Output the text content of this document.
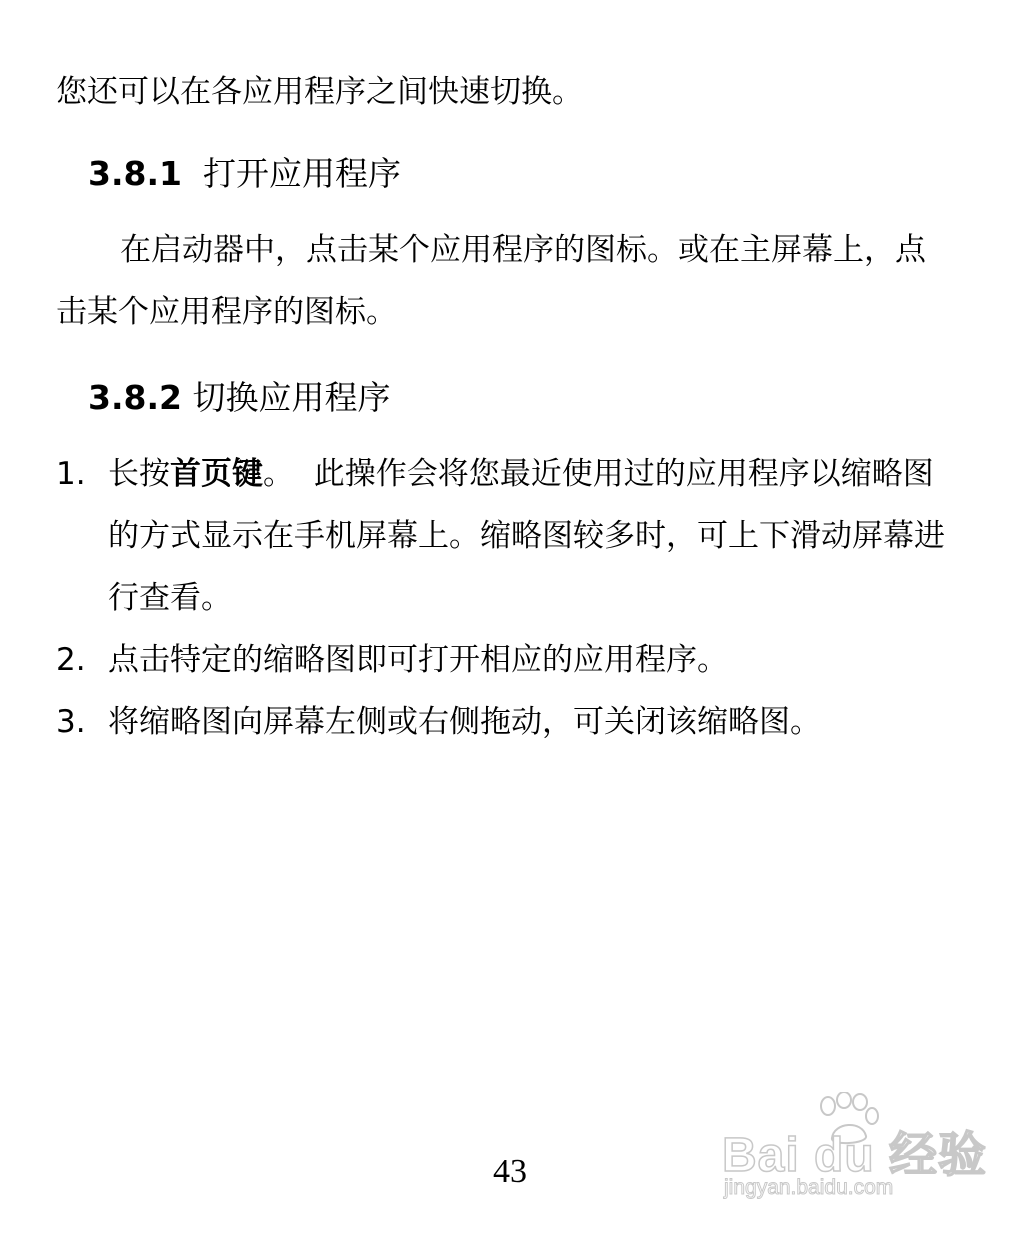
您还可以在各应用程序之间快速切换。
3.8.1 打开应用程序
在启动器中，点击某个应用程序的图标。或在主屏幕上，点
击某个应用程序的图标。
3.8.2 切换应用程序
1. 长按首页键。  此操作会将您最近使用过的应用程序以缩略图
的方式显示在手机屏幕上。缩略图较多时，可上下滑动屏幕进
行查看。
2. 点击特定的缩略图即可打开相应的应用程序。
3. 将缩略图向屏幕左侧或右侧拖动，可关闭该缩略图。
43	Bai du 经验
jingyan.baidu.com
